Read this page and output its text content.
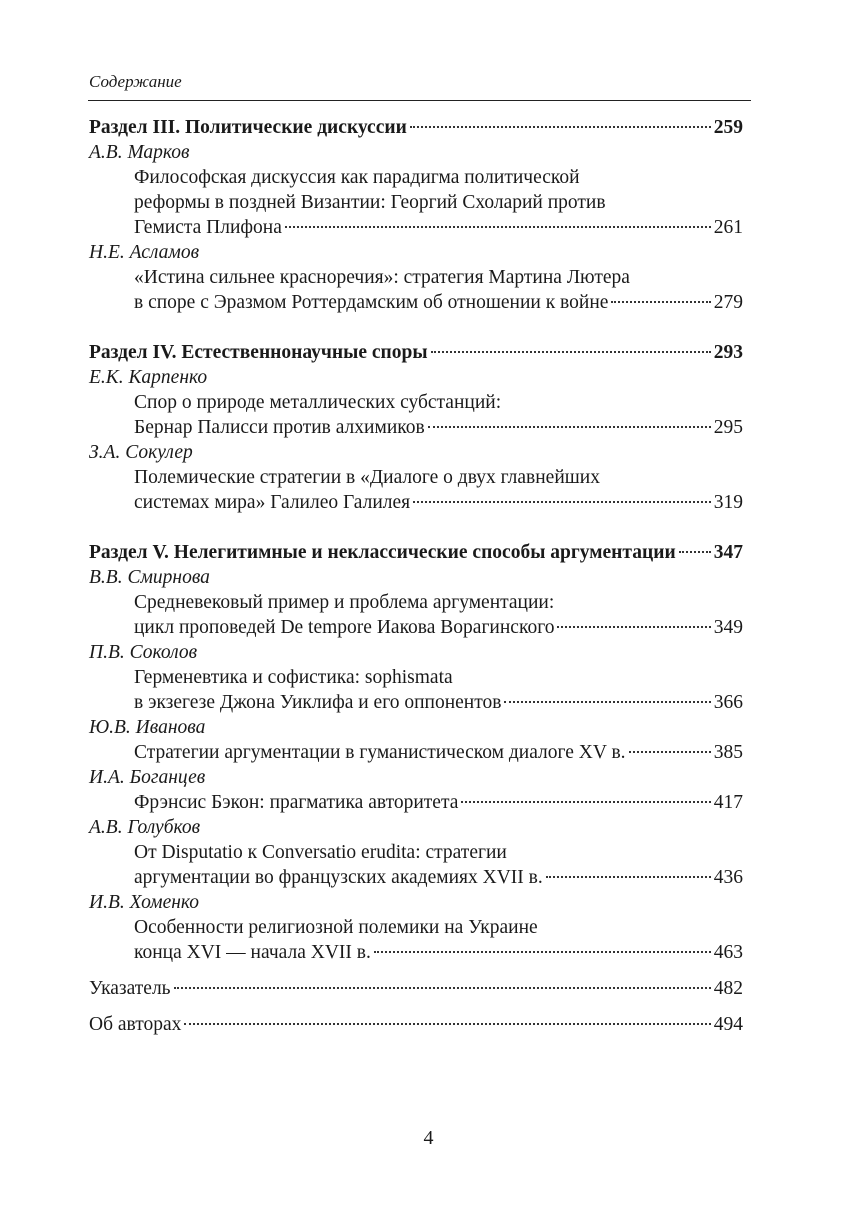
Содержание
Раздел III. Политические дискуссии	259
А.В. Марков
Философская дискуссия как парадигма политической
реформы в поздней Византии: Георгий Схоларий против
Гемиста Плифона	261
Н.Е. Асламов
«Истина сильнее красноречия»: стратегия Мартина Лютера
в споре с Эразмом Роттердамским об отношении к войне	279
Раздел IV. Естественнонаучные споры	293
Е.К. Карпенко
Спор о природе металлических субстанций:
Бернар Палисси против алхимиков	295
З.А. Сокулер
Полемические стратегии в «Диалоге о двух главнейших
системах мира» Галилео Галилея	319
Раздел V. Нелегитимные и неклассические способы аргументации 347
В.В. Смирнова
Средневековый пример и проблема аргументации:
цикл проповедей De tempore Иакова Ворагинского	349
П.В. Соколов
Герменевтика и софистика: sophismata
в экзегезе Джона Уиклифа и его оппонентов	366
Ю.В. Иванова
Стратегии аргументации в гуманистическом диалоге XV в.	385
И.А. Боганцев
Фрэнсис Бэкон: прагматика авторитета	417
А.В. Голубков
От Disputatio к Conversatio erudita: стратегии
аргументации во французских академиях XVII в.	436
И.В. Хоменко
Особенности религиозной полемики на Украине
конца XVI — начала XVII в.	463
Указатель	482
Об авторах	494
4
